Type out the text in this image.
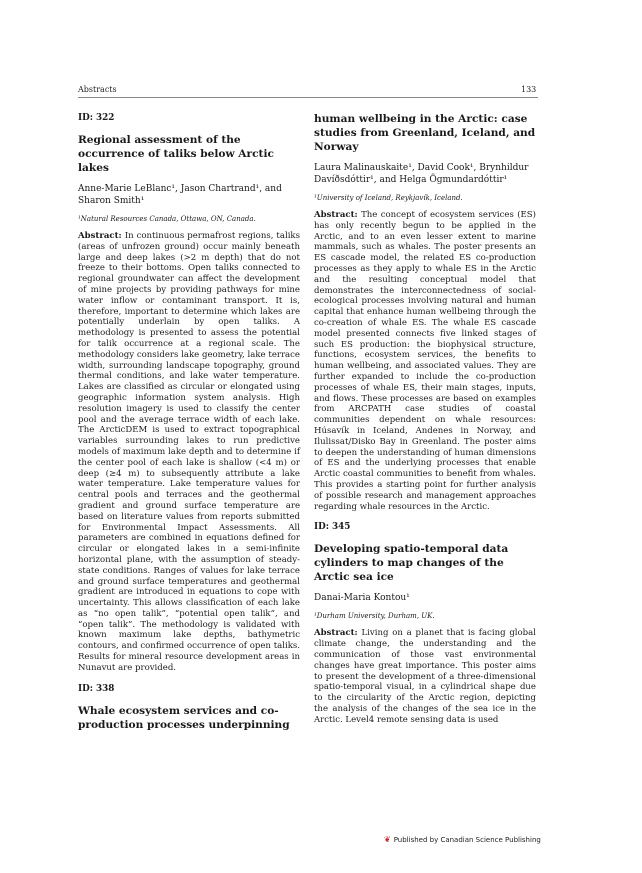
Abstracts	133
ID: 322
Regional assessment of the occurrence of taliks below Arctic lakes
Anne-Marie LeBlanc¹, Jason Chartrand¹, and Sharon Smith¹
¹Natural Resources Canada, Ottawa, ON, Canada.

Abstract: In continuous permafrost regions, taliks (areas of unfrozen ground) occur mainly beneath large and deep lakes (>2 m depth) that do not freeze to their bottoms. Open taliks connected to regional groundwater can affect the development of mine projects by providing pathways for mine water inflow or contaminant transport. It is, therefore, important to determine which lakes are potentially underlain by open taliks. A methodology is presented to assess the potential for talik occurrence at a regional scale. The methodology considers lake geometry, lake terrace width, surrounding landscape topography, ground thermal conditions, and lake water temperature. Lakes are classified as circular or elongated using geographic information system analysis. High resolution imagery is used to classify the center pool and the average terrace width of each lake. The ArcticDEM is used to extract topographical variables surrounding lakes to run predictive models of maximum lake depth and to determine if the center pool of each lake is shallow (<4 m) or deep (≥4 m) to subsequently attribute a lake water temperature. Lake temperature values for central pools and terraces and the geothermal gradient and ground surface temperature are based on literature values from reports submitted for Environmental Impact Assessments. All parameters are combined in equations defined for circular or elongated lakes in a semi-infinite horizontal plane, with the assumption of steady-state conditions. Ranges of values for lake terrace and ground surface temperatures and geothermal gradient are introduced in equations to cope with uncertainty. This allows classification of each lake as “no open talik”, “potential open talik”, and “open talik”. The methodology is validated with known maximum lake depths, bathymetric contours, and confirmed occurrence of open taliks. Results for mineral resource development areas in Nunavut are provided.

ID: 338
Whale ecosystem services and co-production processes underpinning
human wellbeing in the Arctic: case studies from Greenland, Iceland, and Norway
Laura Malinauskaite¹, David Cook¹, Brynhildur Davíðsdóttir¹, and Helga Ögmundardóttir¹
¹University of Iceland, Reykjavík, Iceland.

Abstract: The concept of ecosystem services (ES) has only recently begun to be applied in the Arctic, and to an even lesser extent to marine mammals, such as whales. The poster presents an ES cascade model, the related ES co-production processes as they apply to whale ES in the Arctic and the resulting conceptual model that demonstrates the interconnectedness of social-ecological processes involving natural and human capital that enhance human wellbeing through the co-creation of whale ES. The whale ES cascade model presented connects five linked stages of such ES production: the biophysical structure, functions, ecosystem services, the benefits to human wellbeing, and associated values. They are further expanded to include the co-production processes of whale ES, their main stages, inputs, and flows. These processes are based on examples from ARCPATH case studies of coastal communities dependent on whale resources: Húsavík in Iceland, Andenes in Norway, and Ilulissat/Disko Bay in Greenland. The poster aims to deepen the understanding of human dimensions of ES and the underlying processes that enable Arctic coastal communities to benefit from whales. This provides a starting point for further analysis of possible research and management approaches regarding whale resources in the Arctic.

ID: 345
Developing spatio-temporal data cylinders to map changes of the Arctic sea ice
Danai-Maria Kontou¹
¹Durham University, Durham, UK.

Abstract: Living on a planet that is facing global climate change, the understanding and the communication of those vast environmental changes have great importance. This poster aims to present the development of a three-dimensional spatio-temporal visual, in a cylindrical shape due to the circularity of the Arctic region, depicting the analysis of the changes of the sea ice in the Arctic. Level4 remote sensing data is used

❦ Published by Canadian Science Publishing
